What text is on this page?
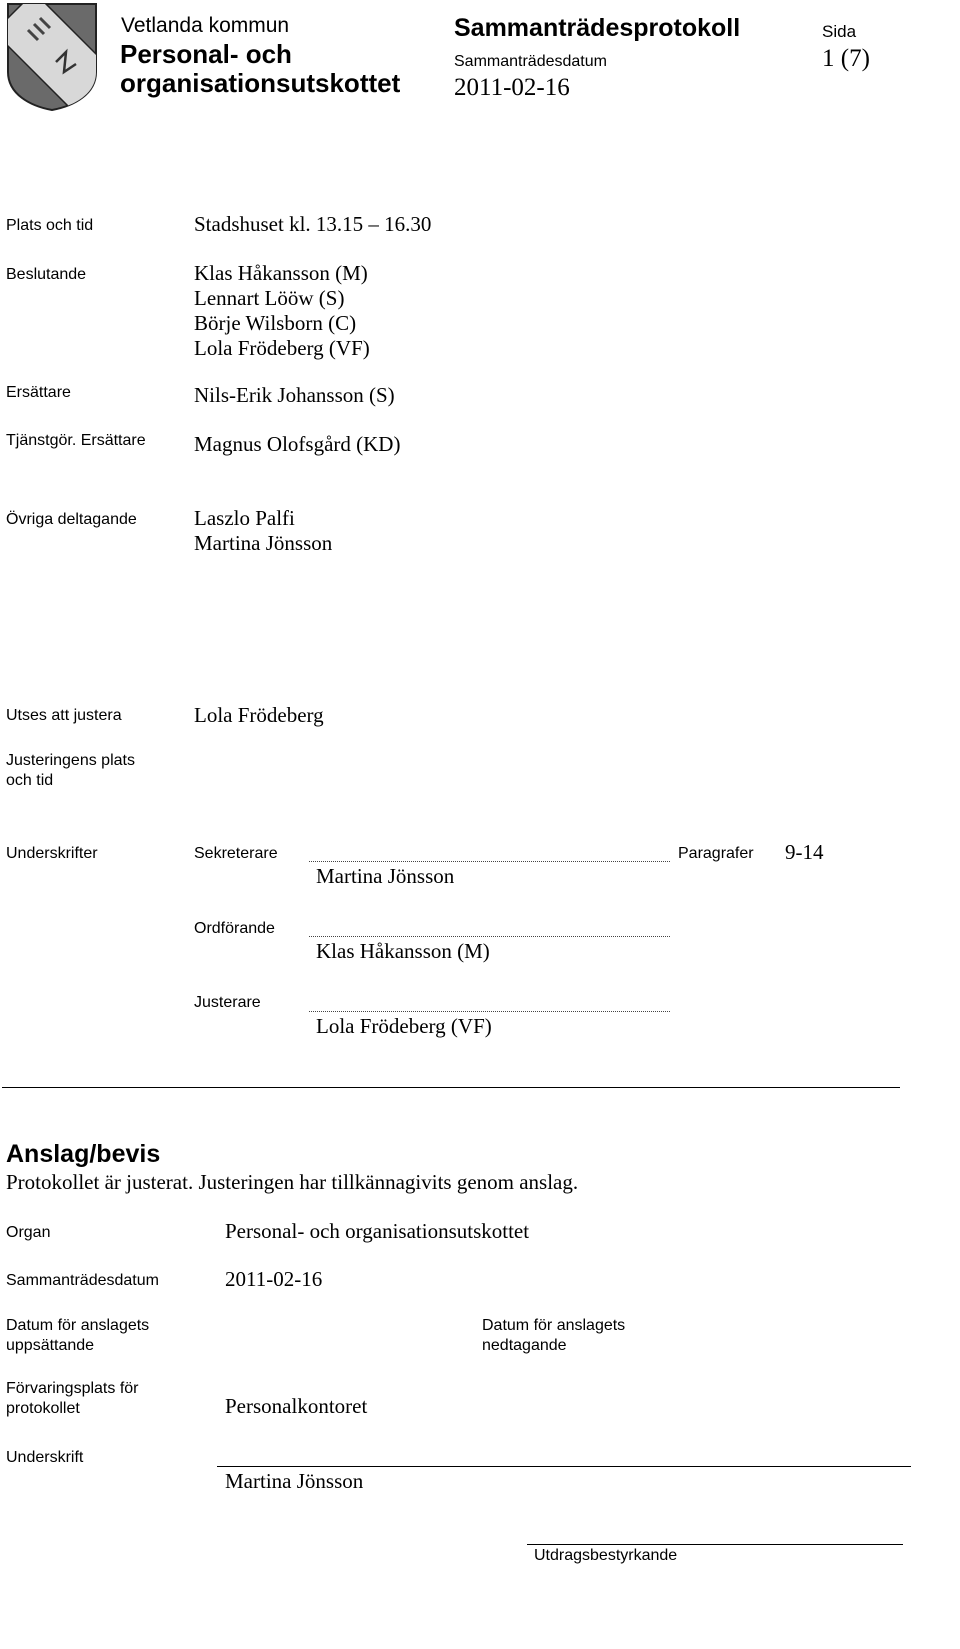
Vetlanda kommun
Personal- och
organisationsutskottet
Sammanträdesprotokoll
Sammanträdesdatum
2011-02-16
Sida
1 (7)
Plats och tid	Stadshuset kl. 13.15 – 16.30
Beslutande	Klas Håkansson (M)
Lennart Lööw (S)
Börje Wilsborn (C)
Lola Frödeberg (VF)
Ersättare	Nils-Erik Johansson (S)
Tjänstgör. Ersättare Magnus Olofsgård (KD)
Övriga deltagande	Laszlo Palfi
Martina Jönsson
Utses att justera	Lola Frödeberg
Justeringens plats
och tid
Underskrifter	Sekreterare
Martina Jönsson
Paragrafer 9-14
Ordförande
Klas Håkansson (M)
Justerare
Lola Frödeberg (VF)
Anslag/bevis
Protokollet är justerat. Justeringen har tillkännagivits genom anslag.
Organ	Personal- och organisationsutskottet
Sammanträdesdatum	2011-02-16
Datum för anslagets
uppsättande
Datum för anslagets
nedtagande
Förvaringsplats för
protokollet	Personalkontoret
Underskrift
Martina Jönsson
Utdragsbestyrkande
